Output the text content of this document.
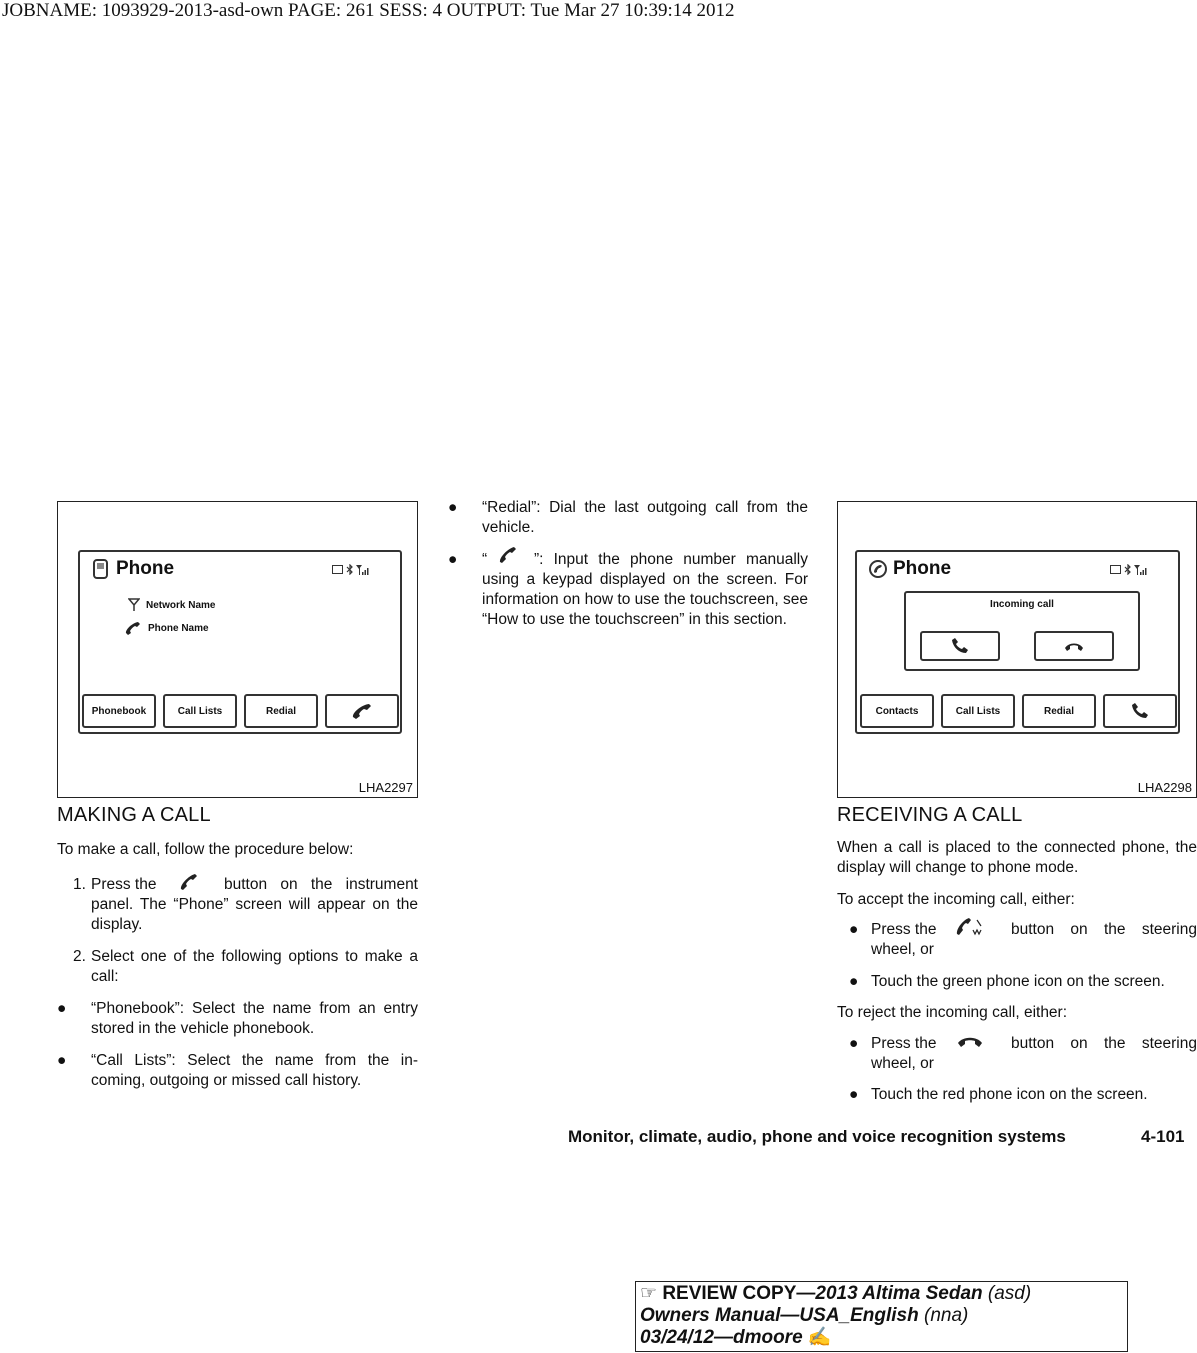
JOBNAME: 1093929-2013-asd-own PAGE: 261 SESS: 4 OUTPUT: Tue Mar 27 10:39:14 2012
Phone
Network Name
Phone Name
Phonebook	Call Lists	Redial
LHA2297
Phone
Incoming call
Contacts	Call Lists	Redial
LHA2298
MAKING A CALL
To make a call, follow the procedure below:
1. Press the	button on the instrument panel. The “Phone” screen will appear on the display.
2. Select one of the following options to make a call:
● “Phonebook”: Select the name from an entry stored in the vehicle phonebook.
● “Call Lists”: Select the name from the in-coming, outgoing or missed call history.
● “Redial”: Dial the last outgoing call from the vehicle.
● “	”: Input the phone number manually using a keypad displayed on the screen. For information on how to use the touchscreen, see “How to use the touchscreen” in this section.
RECEIVING A CALL
When a call is placed to the connected phone, the display will change to phone mode.
To accept the incoming call, either:
● Press the	button on the steering wheel, or
● Touch the green phone icon on the screen.
To reject the incoming call, either:
● Press the	button on the steering wheel, or
● Touch the red phone icon on the screen.
Monitor, climate, audio, phone and voice recognition systems	4-101
☞ REVIEW COPY—2013 Altima Sedan (asd)
Owners Manual—USA_English (nna)
03/24/12—dmoore ✍
